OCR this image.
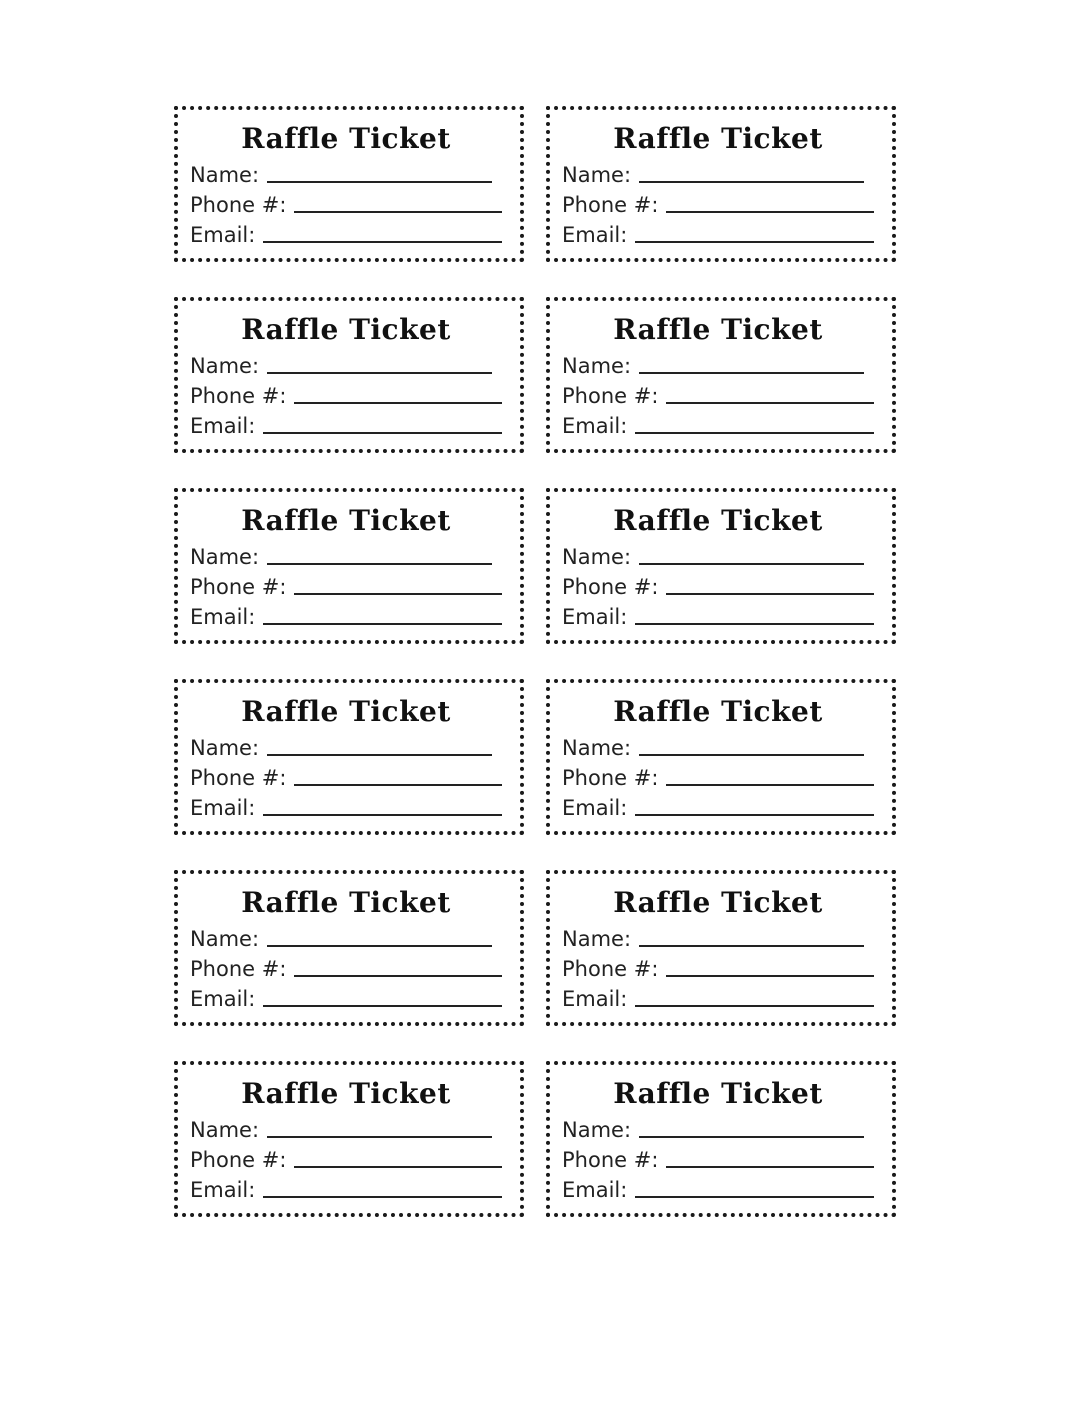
Raffle Ticket
Name:
Phone #:
Email:
Raffle Ticket
Name:
Phone #:
Email:
Raffle Ticket
Name:
Phone #:
Email:
Raffle Ticket
Name:
Phone #:
Email:
Raffle Ticket
Name:
Phone #:
Email:
Raffle Ticket
Name:
Phone #:
Email:
Raffle Ticket
Name:
Phone #:
Email:
Raffle Ticket
Name:
Phone #:
Email:
Raffle Ticket
Name:
Phone #:
Email:
Raffle Ticket
Name:
Phone #:
Email:
Raffle Ticket
Name:
Phone #:
Email:
Raffle Ticket
Name:
Phone #:
Email:
